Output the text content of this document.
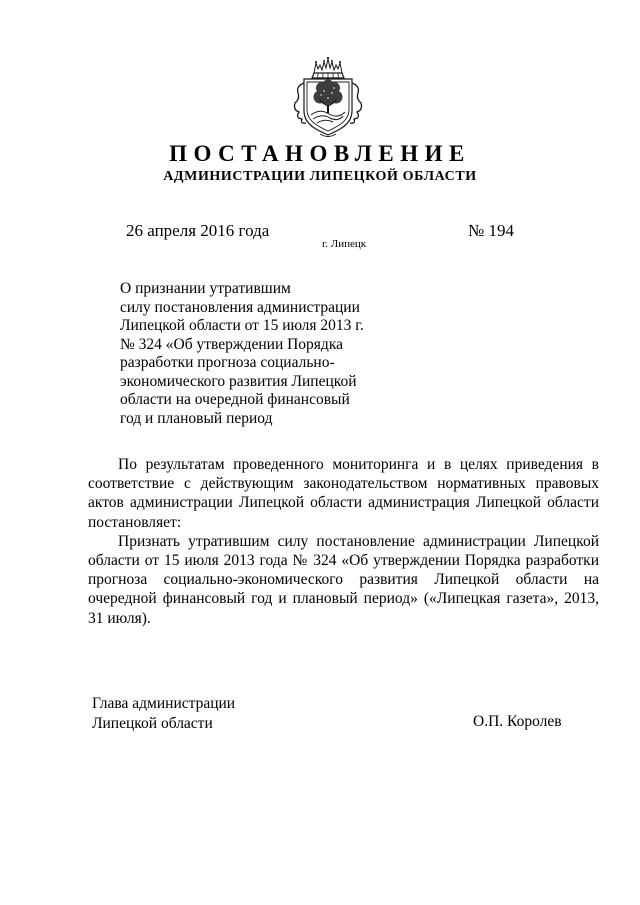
ПОСТАНОВЛЕНИЕ
АДМИНИСТРАЦИИ ЛИПЕЦКОЙ ОБЛАСТИ
26 апреля 2016 года
г. Липецк
№ 194
О признании утратившим
силу постановления администрации
Липецкой области от 15 июля 2013 г.
№ 324 «Об утверждении Порядка
разработки прогноза социально-
экономического развития Липецкой
области на очередной финансовый
год и плановый период

По результатам проведенного мониторинга и в целях приведения в соответствие с действующим законодательством нормативных правовых актов администрации Липецкой области администрация Липецкой области постановляет:

Признать утратившим силу постановление администрации Липецкой области от 15 июля 2013 года № 324 «Об утверждении Порядка разработки прогноза социально-экономического развития Липецкой области на очередной финансовый год и плановый период» («Липецкая газета», 2013, 31 июля).

Глава администрации
Липецкой области	О.П. Королев
